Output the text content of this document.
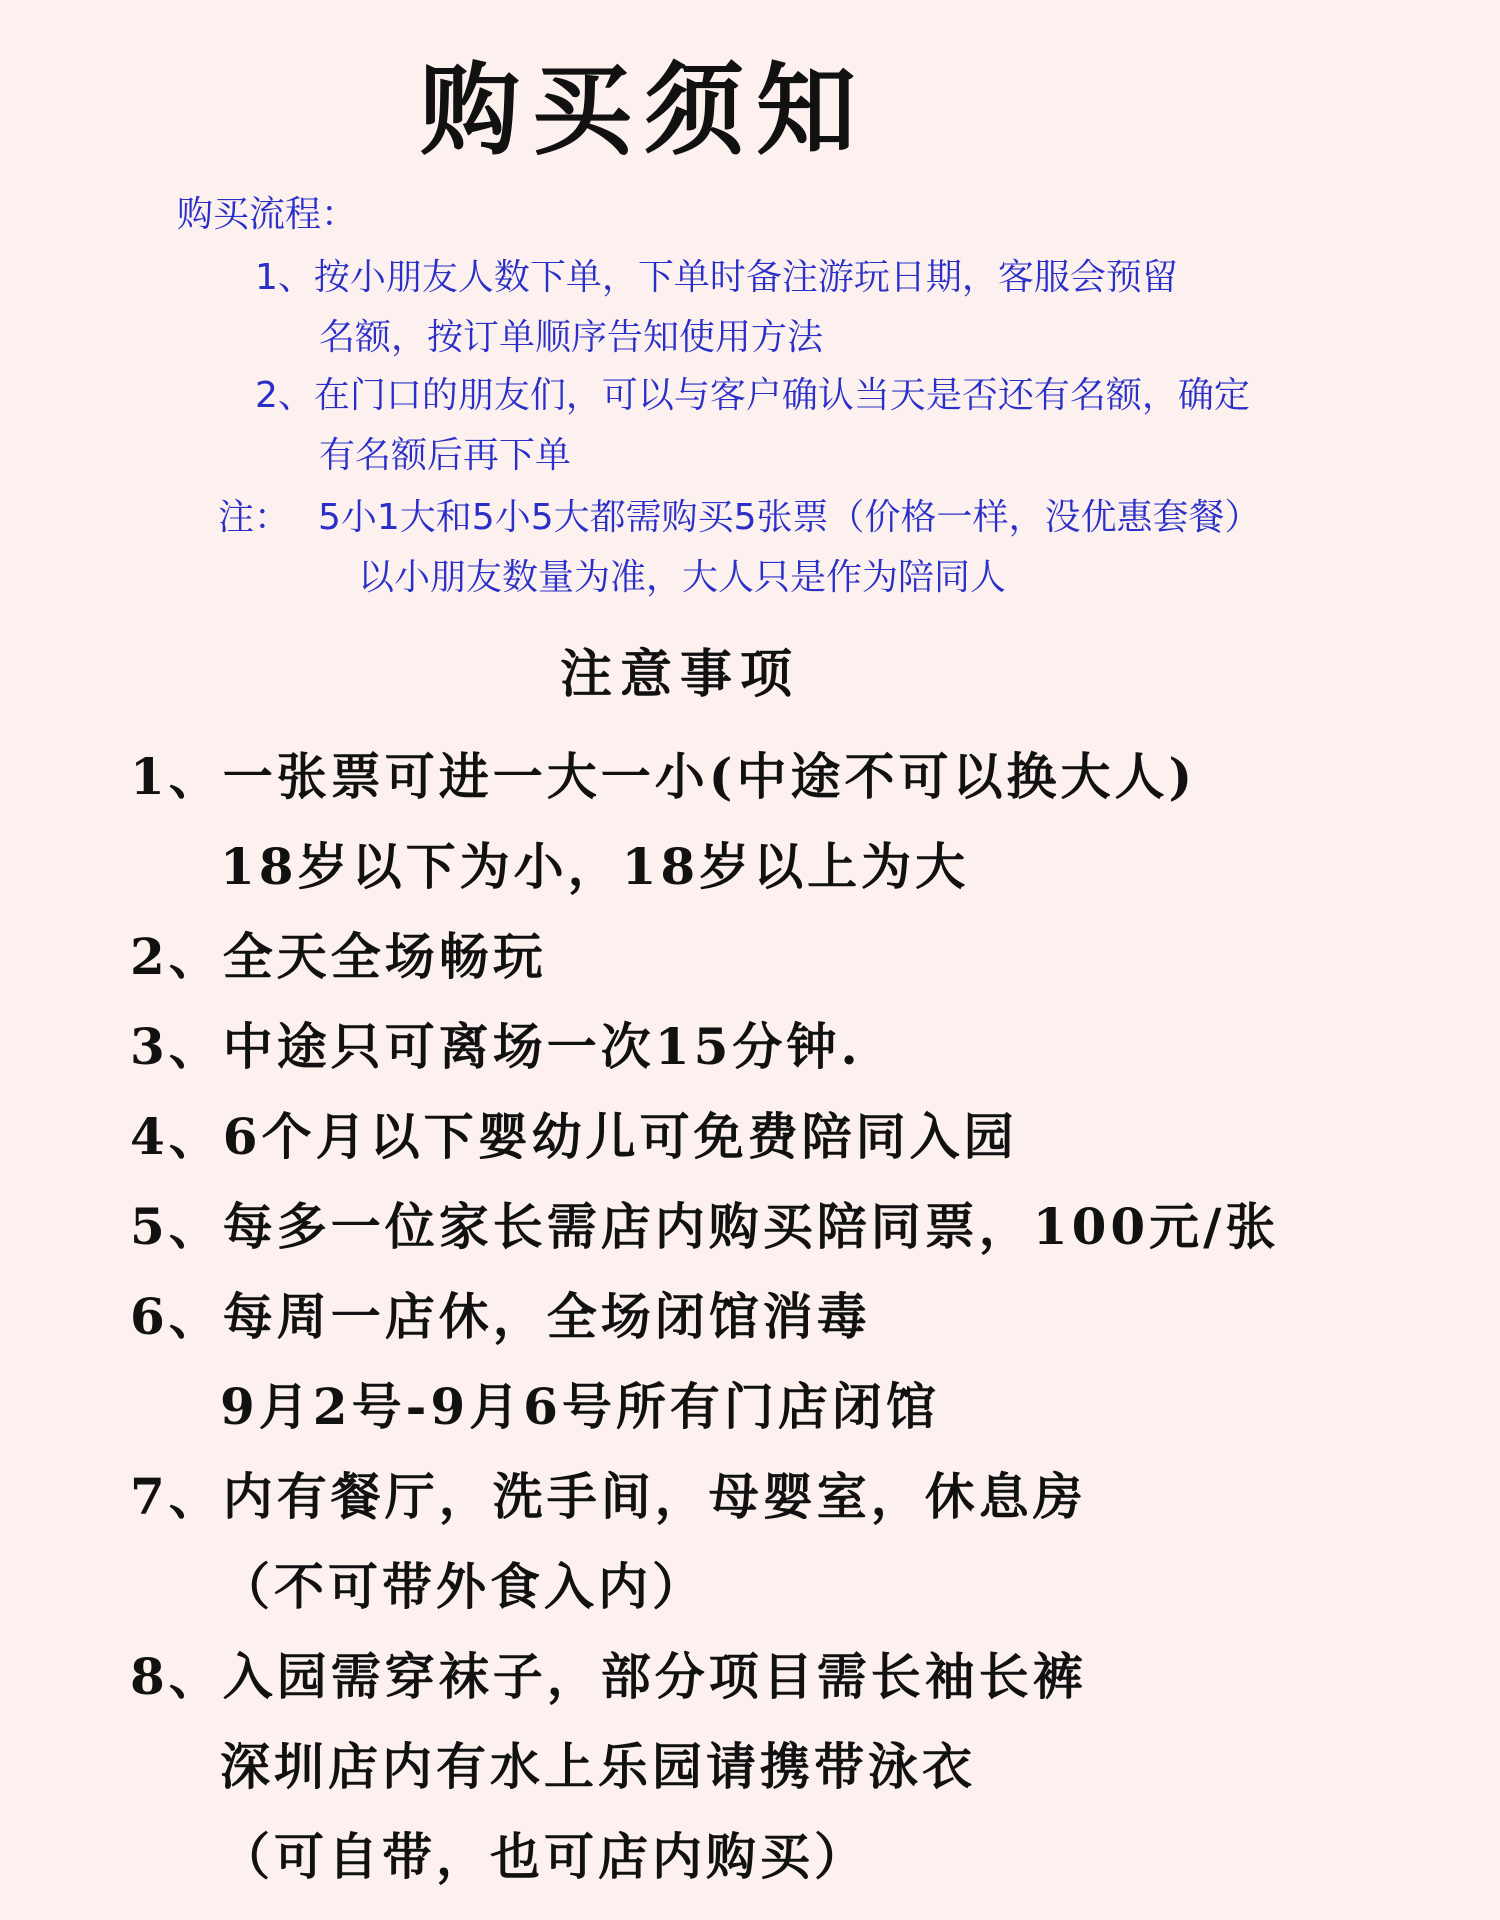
购买须知
购买流程：
1、按小朋友人数下单，下单时备注游玩日期，客服会预留
名额，按订单顺序告知使用方法
2、在门口的朋友们，可以与客户确认当天是否还有名额，确定
有名额后再下单
注： 5小1大和5小5大都需购买5张票（价格一样，没优惠套餐）
以小朋友数量为准，大人只是作为陪同人
注意事项
1、一张票可进一大一小(中途不可以换大人)
18岁以下为小，18岁以上为大
2、全天全场畅玩
3、中途只可离场一次15分钟.
4、6个月以下婴幼儿可免费陪同入园
5、每多一位家长需店内购买陪同票，100元/张
6、每周一店休，全场闭馆消毒
9月2号-9月6号所有门店闭馆
7、内有餐厅，洗手间，母婴室，休息房
（不可带外食入内）
8、入园需穿袜子，部分项目需长袖长裤
深圳店内有水上乐园请携带泳衣
（可自带，也可店内购买）
